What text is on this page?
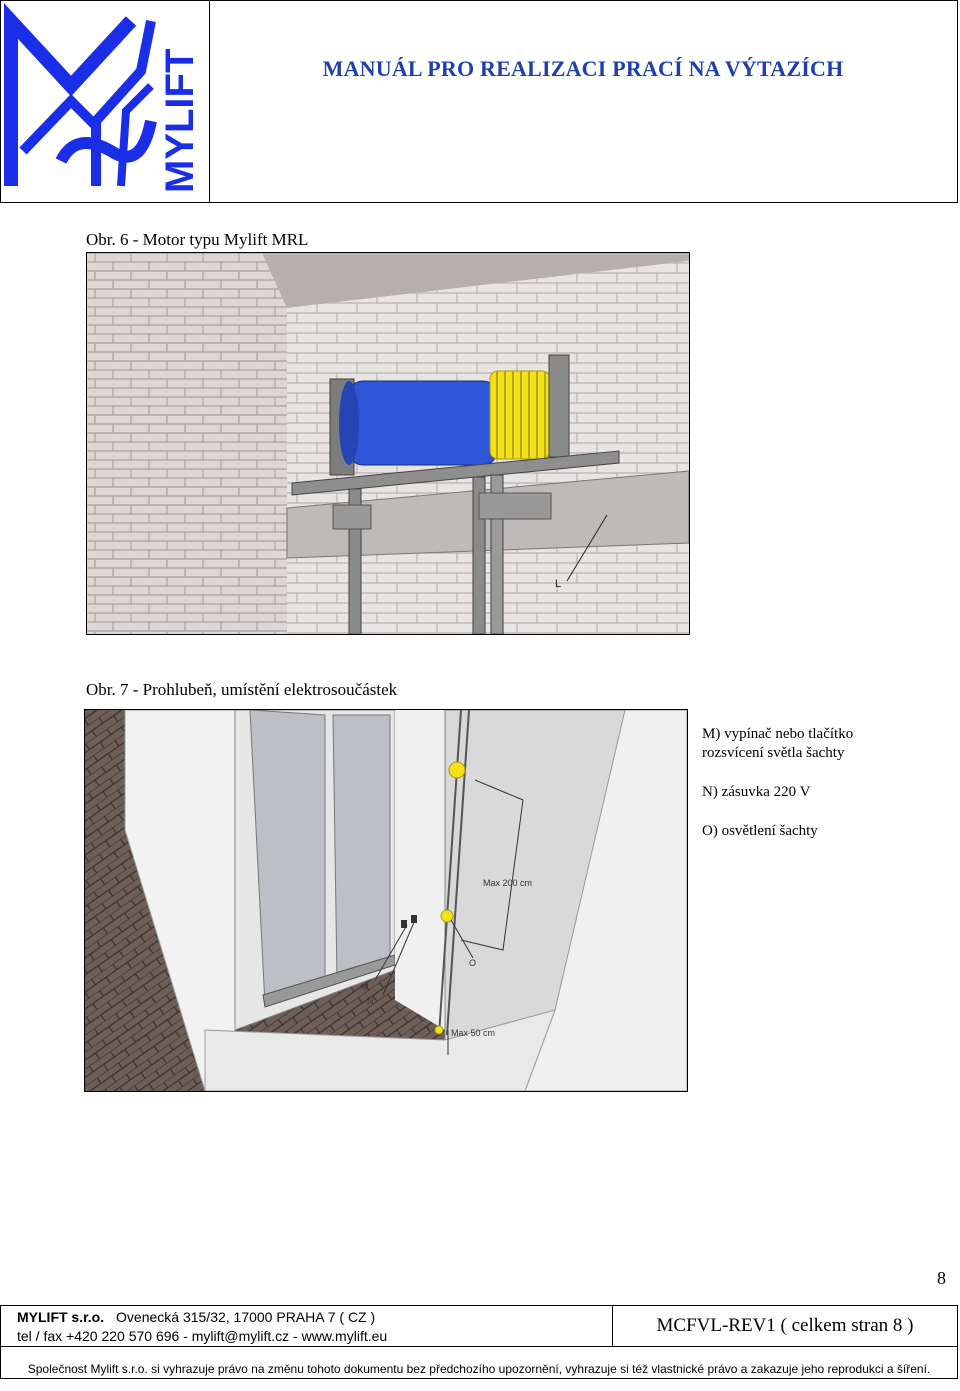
MYLIFT	MANUÁL PRO REALIZACI PRACÍ NA VÝTAZÍCH
Obr. 6 - Motor typu Mylift MRL
L
Obr. 7 - Prohlubeň, umístění elektrosoučástek
Max 200 cm
Max 50 cm
M
N
O

M) vypínač nebo tlačítko rozsvícení světla šachty

N) zásuvka 220 V

O) osvětlení šachty

8
MYLIFT s.r.o. Ovenecká 315/32, 17000 PRAHA 7 ( CZ )
tel / fax +420 220 570 696 - mylift@mylift.cz - www.mylift.eu	MCFVL-REV1 ( celkem stran 8 )
Společnost Mylift s.r.o. si vyhrazuje právo na změnu tohoto dokumentu bez předchozího upozornění, vyhrazuje si též vlastnické právo a zakazuje jeho reprodukci a šíření.
